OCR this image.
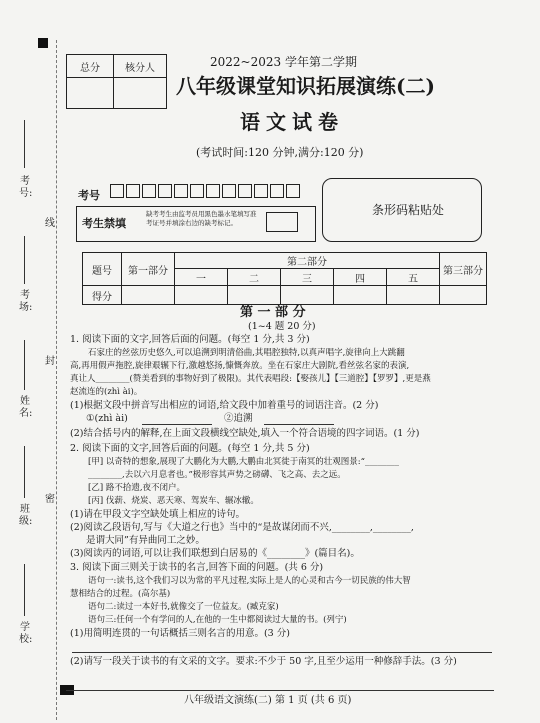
考号:
考场:
姓名:
班级:
学校:
线
封
密
总分	核分人
		2022~2023 学年第二学期
八年级课堂知识拓展演练(二)
语文试卷
(考试时间:120 分钟,满分:120 分)
考号
考生禁填
缺考考生由监考员用黑色墨水笔填写准考证号并填涂右边的缺考标记。
条形码粘贴处
题号	第一部分	第二部分					第三部分
		一	二	三	四	五	
得分							
第 一 部 分
(1~4 题 20 分)
1. 阅读下面的文字,回答后面的问题。(每空 1 分,共 3 分)
石家庄的丝弦历史悠久,可以追溯到明清俗曲,其唱腔独特,以真声唱字,旋律向上大跳翻
高,再用假声拖腔,旋律艰辗下行,激越悠扬,慷慨奔放。坐在石家庄大剧院,看丝弦名家的表演,
真让人________(赞美看到的事物好到了极限)。其代表唱段:【娶孩儿】【三道腔】【罗罗】,更是燕
赵流连的(zhì ài)。
(1)根据文段中拼音写出相应的词语,给文段中加着重号的词语注音。(2 分)
①(zhì ài)	②追溯
(2)结合括号内的解释,在上面文段横线空缺处,填入一个符合语境的四字词语。(1 分)
2. 阅读下面的文字,回答后面的问题。(每空 1 分,共 5 分)
[甲] 以奇特的想象,展现了大鹏化为大鹏,大鹏由北冥徙于南冥的壮观图景:“________
________,去以六月息者也。”极形容其声势之磅礴、飞之高、去之远。
[乙] 路不拾遗,夜不闭户。
[丙] 伐薪、烧炭、恶天寒、驾炭车、辗冰辙。
(1)请在甲段文字空缺处填上相应的诗句。
(2)阅读乙段语句,写与《大道之行也》当中的“是故谋闭而不兴,________,________,
是谓大同”有异曲同工之妙。
(3)阅读丙的词语,可以让我们联想到白居易的《________》(篇目名)。
3. 阅读下面三则关于读书的名言,回答下面的问题。(共 6 分)
语句一:读书,这个我们习以为常的平凡过程,实际上是人的心灵和古今一切民族的伟大智
慧相结合的过程。(高尔基)
语句二:读过一本好书,就像交了一位益友。(臧克家)
语句三:任何一个有学问的人,在他的一生中都阅读过大量的书。(列宁)
(1)用简明连贯的一句话概括三则名言的用意。(3 分)
(2)请写一段关于读书的有文采的文字。要求:不少于 50 字,且至少运用一种修辞手法。(3 分)
八年级语文演练(二) 第 1 页 (共 6 页)
